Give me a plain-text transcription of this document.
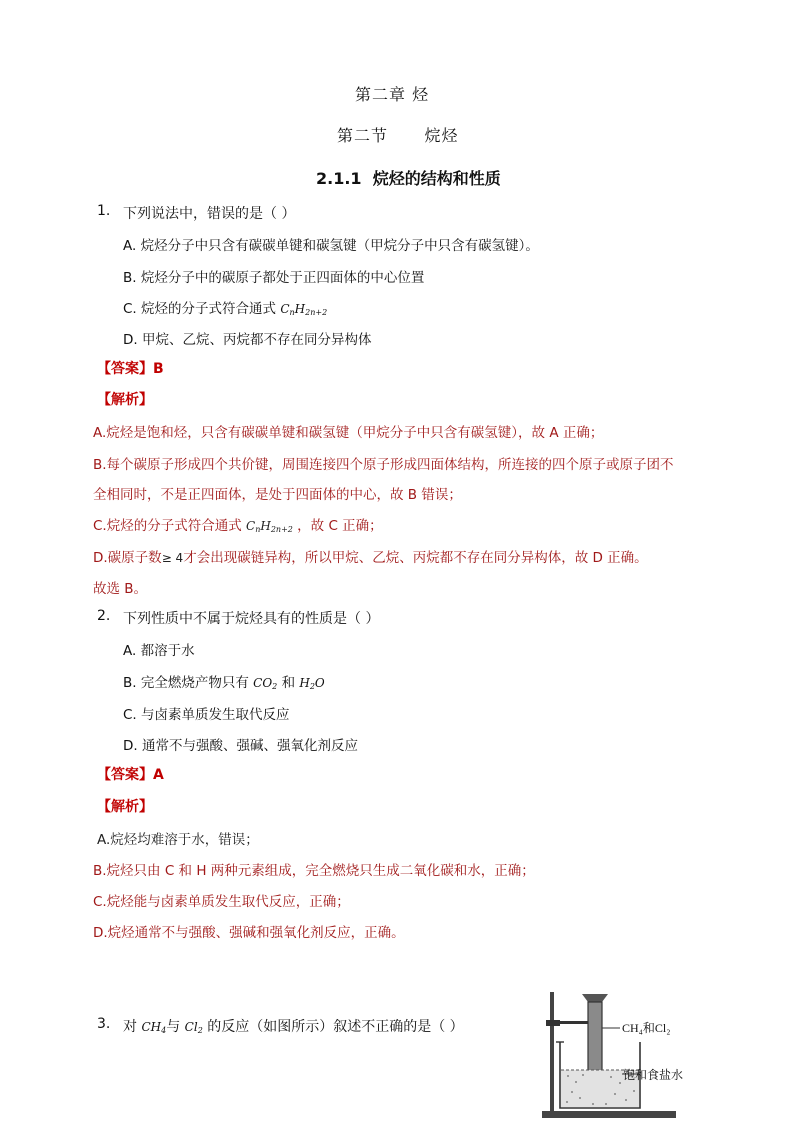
第二章 烃
第二节      烷烃
2.1.1  烷烃的结构和性质
1. 下列说法中，错误的是（ ）
A. 烷烃分子中只含有碳碳单键和碳氢键（甲烷分子中只含有碳氢键）。
B. 烷烃分子中的碳原子都处于正四面体的中心位置
C. 烷烃的分子式符合通式 $C_nH_{2n+2}$
D. 甲烷、乙烷、丙烷都不存在同分异构体
【答案】B
【解析】
A.烷烃是饱和烃，只含有碳碳单键和碳氢键（甲烷分子中只含有碳氢键），故 A 正确；
B.每个碳原子形成四个共价键，周围连接四个原子形成四面体结构，所连接的四个原子或原子团不
全相同时，不是正四面体，是处于四面体的中心，故 B 错误；
C.烷烃的分子式符合通式 $C_nH_{2n+2}$ ，故 C 正确；
D.碳原子数≥ 4才会出现碳链异构，所以甲烷、乙烷、丙烷都不存在同分异构体，故 D 正确。
故选 B。
2. 下列性质中不属于烷烃具有的性质是（ ）
A. 都溶于水
B. 完全燃烧产物只有 $CO_2$ 和 $H_2O$
C. 与卤素单质发生取代反应
D. 通常不与强酸、强碱、强氧化剂反应
【答案】A
【解析】
A.烷烃均难溶于水，错误；
B.烷烃只由 C 和 H 两种元素组成，完全燃烧只生成二氧化碳和水，正确；
C.烷烃能与卤素单质发生取代反应，正确；
D.烷烃通常不与强酸、强碱和强氧化剂反应，正确。
3. 对 $CH_4$与 $Cl_2$ 的反应（如图所示）叙述不正确的是（ ）	CH₄和Cl₂
饱和食盐水
